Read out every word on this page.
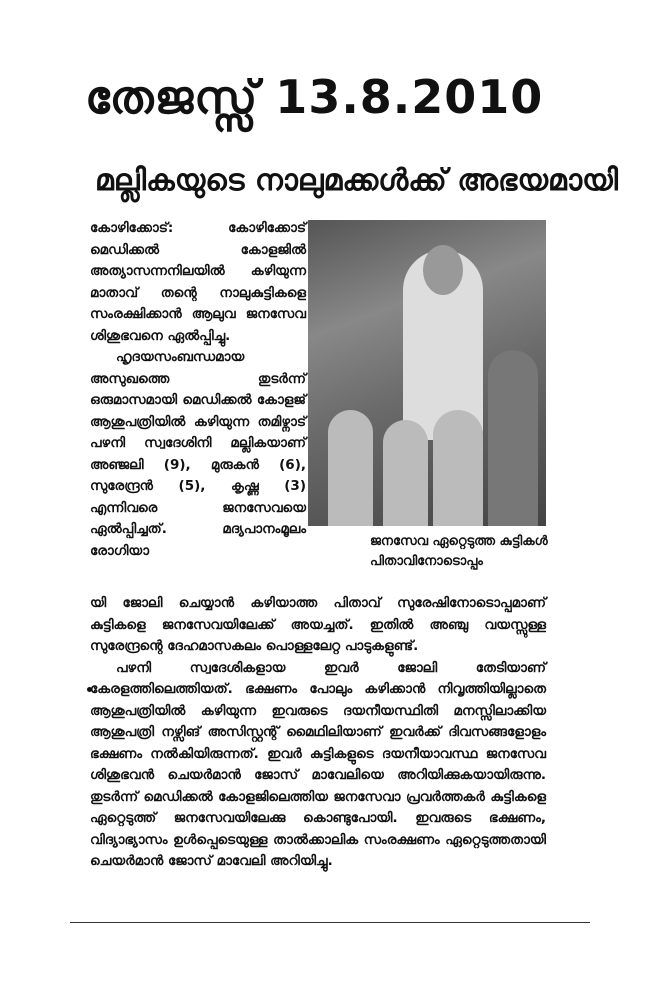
തേജസ്സ് 13.8.2010
മല്ലികയുടെ നാലുമക്കൾക്ക് അഭയമായി

കോഴിക്കോട്: കോഴിക്കോട് മെഡിക്കൽ കോളജിൽ അത്യാസന്നനിലയിൽ കഴിയുന്ന മാതാവ് തന്റെ നാലുകുട്ടികളെ സംരക്ഷിക്കാൻ ആലുവ ജനസേവ ശിശുഭവനെ ഏൽപ്പിച്ചു.

ഹൃദയസംബന്ധമായ അസുഖത്തെ തുടർന്ന് ഒരുമാസമായി മെഡിക്കൽ കോളജ് ആശുപത്രിയിൽ കഴിയുന്ന തമിഴ്നാട് പഴനി സ്വദേശിനി മല്ലികയാണ് അഞ്ജലി (9), മുരുകൻ (6), സുരേന്ദ്രൻ (5), കൃഷ്ണ (3) എന്നിവരെ ജനസേവയെ ഏൽപ്പിച്ചത്. മദ്യപാനംമൂലം രോഗിയാ

ജനസേവ ഏറ്റെടുത്ത കുട്ടികൾ പിതാവിനോടൊപ്പം

യി ജോലി ചെയ്യാൻ കഴിയാത്ത പിതാവ് സുരേഷിനോടൊപ്പമാണ് കുട്ടികളെ ജനസേവയിലേക്ക് അയച്ചത്. ഇതിൽ അഞ്ചു വയസ്സുള്ള സുരേന്ദ്രന്റെ ദേഹമാസകലം പൊള്ളലേറ്റ പാടുകളുണ്ട്.

പഴനി സ്വദേശികളായ ഇവർ ജോലി തേടിയാണ് കേരളത്തിലെത്തിയത്. ഭക്ഷണം പോലും കഴിക്കാൻ നിവൃത്തിയില്ലാതെ ആശുപത്രിയിൽ കഴിയുന്ന ഇവരുടെ ദയനീയസ്ഥിതി മനസ്സിലാക്കിയ ആശുപത്രി നഴ്സിങ് അസിസ്റ്റന്റ് മൈഥിലിയാണ് ഇവർക്ക് ദിവസങ്ങളോളം ഭക്ഷണം നൽകിയിരുന്നത്. ഇവർ കുട്ടികളുടെ ദയനീയാവസ്ഥ ജനസേവ ശിശുഭവൻ ചെയർമാൻ ജോസ് മാവേലിയെ അറിയിക്കുകയായിരുന്നു. തുടർന്ന് മെഡിക്കൽ കോളജിലെത്തിയ ജനസേവാ പ്രവർത്തകർ കുട്ടികളെ ഏറ്റെടുത്ത് ജനസേവയിലേക്കു കൊണ്ടുപോയി. ഇവരുടെ ഭക്ഷണം, വിദ്യാഭ്യാസം ഉൾപ്പെടെയുള്ള താൽക്കാലിക സംരക്ഷണം ഏറ്റെടുത്തതായി ചെയർമാൻ ജോസ് മാവേലി അറിയിച്ചു.
